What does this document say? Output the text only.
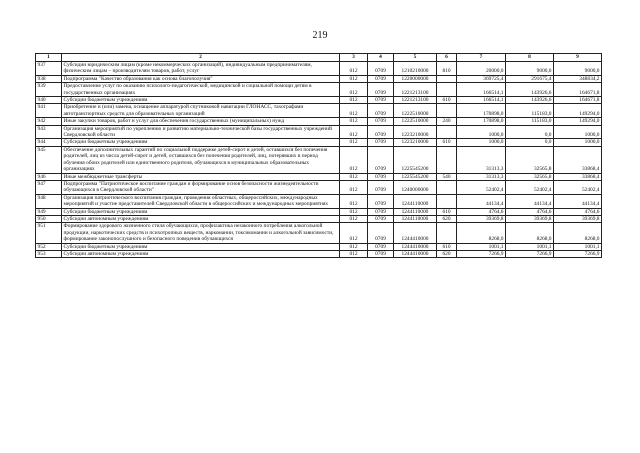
219
1	2	3	4	5	6	7	8	9
937	Субсидии юридическим лицам (кроме некоммерческих организаций), индивидуальным предпринимателям, физическим лицам – производителям товаров, работ, услуг	012	0709	1210210000	810	20000,0	9000,0	9000,0
938	Подпрограмма "Качество образования как основа благополучия"	012	0709	1220000000		369725,4	291675,4	348834,2
939	Предоставление услуг по оказанию психолого-педагогической, медицинской и социальной помощи детям в государственных организациях	012	0709	1221213100		166514,1	143926,6	164671,8
940	Субсидии бюджетным учреждениям	012	0709	1221213100	610	166514,1	143926,6	164671,8
941	Приобретение и (или) замена, оснащение аппаратурой спутниковой навигации ГЛОНАСС, тахографами автотранспортных средств для образовательных организаций	012	0709	1222510000		170898,0	115183,0	149294,0
942	Иные закупки товаров, работ и услуг для обеспечения государственных (муниципальных) нужд	012	0709	1222510000	240	170898,0	115183,0	149294,0
943	Организация мероприятий по укреплению и развитию материально-технической базы государственных учреждений Свердловской области	012	0709	1223210000		1000,0	0,0	1000,0
944	Субсидии бюджетным учреждениям	012	0709	1223210000	610	1000,0	0,0	1000,0
945	Обеспечение дополнительных гарантий по социальной поддержке детей-сирот и детей, оставшихся без попечения родителей, лиц из числа детей-сирот и детей, оставшихся без попечения родителей, лиц, потерявших в период обучения обоих родителей или единственного родителя, обучающихся в муниципальных образовательных организациях	012	0709	1225545200		31313,3	32565,8	33868,4
946	Иные межбюджетные трансферты	012	0709	1225545200	540	31313,3	32565,8	33868,4
947	Подпрограмма "Патриотическое воспитание граждан и формирование основ безопасности жизнедеятельности обучающихся в Свердловской области"	012	0709	1240000000		52402,4	52402,4	52402,4
948	Организация патриотического воспитания граждан, проведения областных, общероссийских, международных мероприятий и участие представителей Свердловской области в общероссийских и международных мероприятиях	012	0709	1244110000		44134,4	44134,4	44134,4
949	Субсидии бюджетным учреждениям	012	0709	1244110000	610	4764,6	4764,6	4764,6
950	Субсидии автономным учреждениям	012	0709	1244110000	620	39369,8	39369,8	39369,8
951	Формирование здорового жизненного стиля обучающихся, профилактика незаконного потребления алкогольной продукции, наркотических средств и психотропных веществ, наркомании, токсикомании и алкогольной зависимости, формирование законопослушного и безопасного поведения обучающихся	012	0709	1244410000		8268,0	8268,0	8268,0
952	Субсидии бюджетным учреждениям	012	0709	1244410000	610	1001,1	1001,1	1001,1
953	Субсидии автономным учреждениям	012	0709	1244410000	620	7266,9	7266,9	7266,9
